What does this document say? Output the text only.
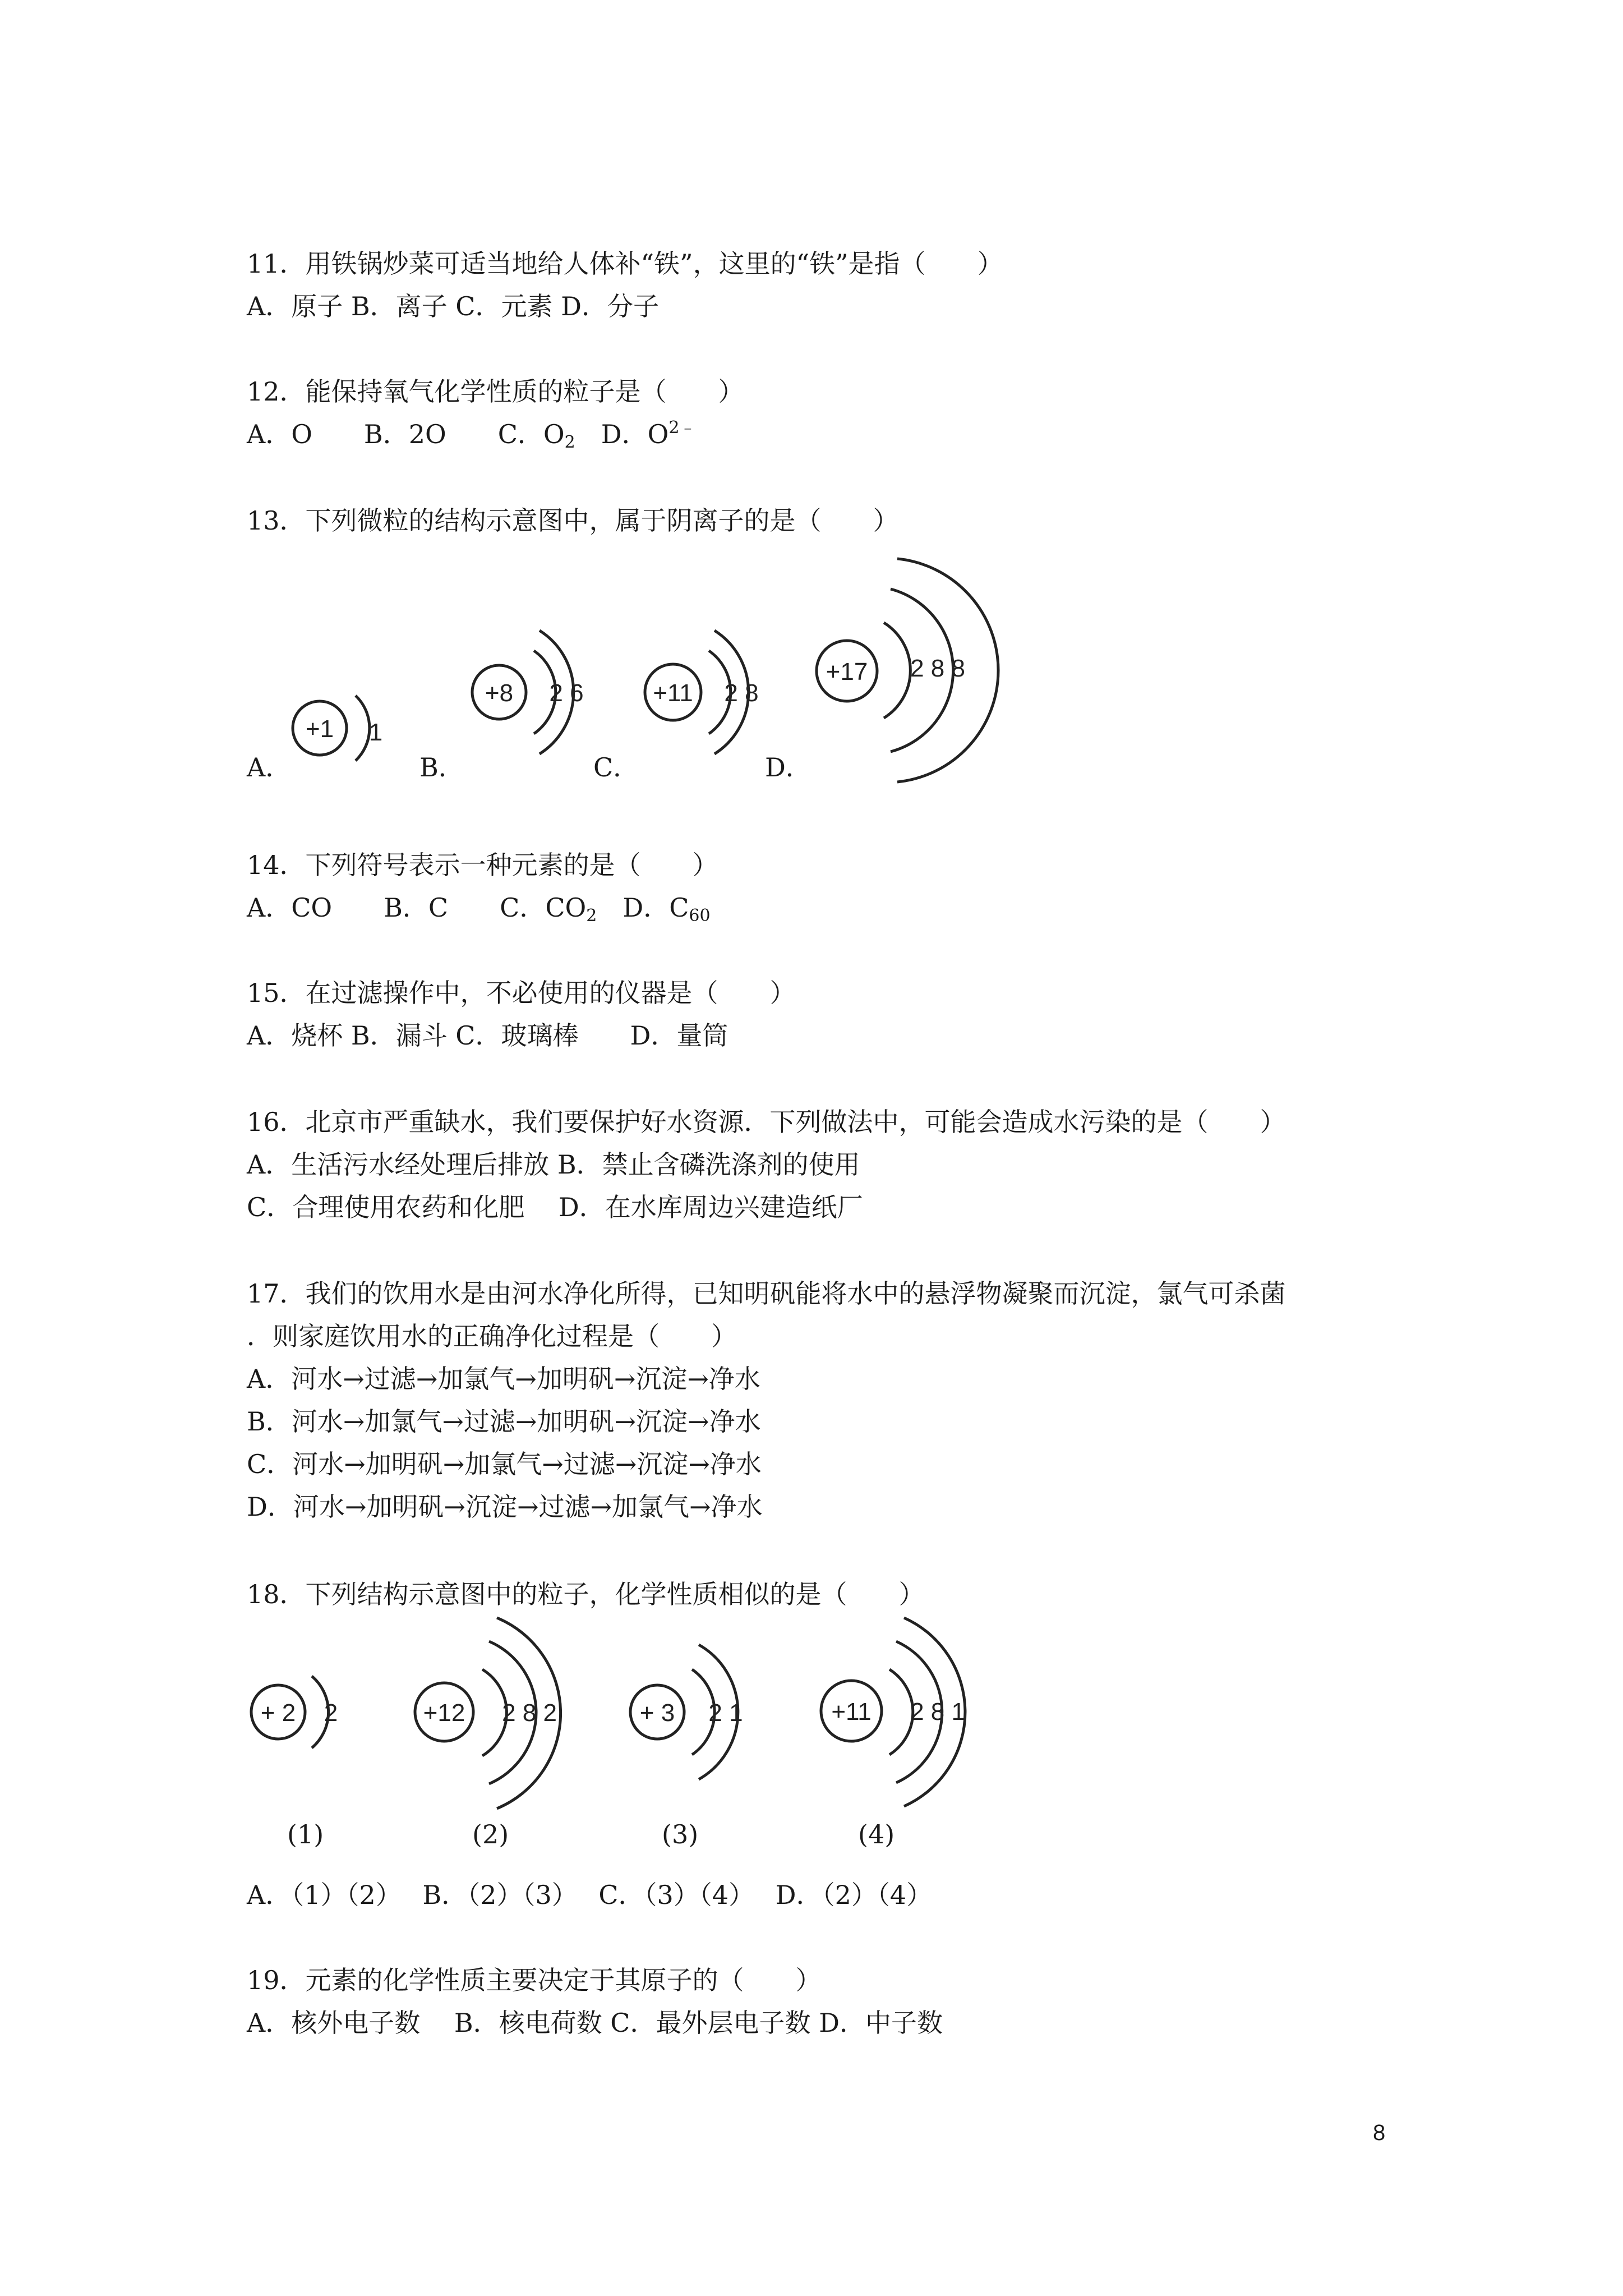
11．用铁锅炒菜可适当地给人体补“铁”，这里的“铁”是指（　　）
A．原子 B．离子 C．元素 D．分子
12．能保持氧气化学性质的粒子是（　　）
A．O　　B．2O　　C．$O_2$　D．$O^{2﹣}$
13．下列微粒的结构示意图中，属于阴离子的是（　　）
A．	B．	C．	D．
+1 1
+8 2 6	+11 2 8
+17 2 8 8
14．下列符号表示一种元素的是（　　）
A．CO　　B．C　　C．$CO_2$　D．$C_{60}$
15．在过滤操作中，不必使用的仪器是（　　）
A．烧杯 B．漏斗 C．玻璃棒　　D．量筒
16．北京市严重缺水，我们要保护好水资源．下列做法中，可能会造成水污染的是（　　）
A．生活污水经处理后排放 B．禁止含磷洗涤剂的使用
C．合理使用农药和化肥　 D．在水库周边兴建造纸厂
17．我们的饮用水是由河水净化所得，已知明矾能将水中的悬浮物凝聚而沉淀，氯气可杀菌
．则家庭饮用水的正确净化过程是（　　）
A．河水→过滤→加氯气→加明矾→沉淀→净水
B．河水→加氯气→过滤→加明矾→沉淀→净水
C．河水→加明矾→加氯气→过滤→沉淀→净水
D．河水→加明矾→沉淀→过滤→加氯气→净水
18．下列结构示意图中的粒子，化学性质相似的是（　　）
+ 2 2
(1)
+12 2 8 2
(2)
+ 3 2 1
(3)
+11 2 8 1
(4)
A．（1）（2）　 B．（2）（3）　 C．（3）（4）　 D．（2）（4）
19．元素的化学性质主要决定于其原子的（　　）
A．核外电子数　 B．核电荷数 C．最外层电子数 D．中子数
8
